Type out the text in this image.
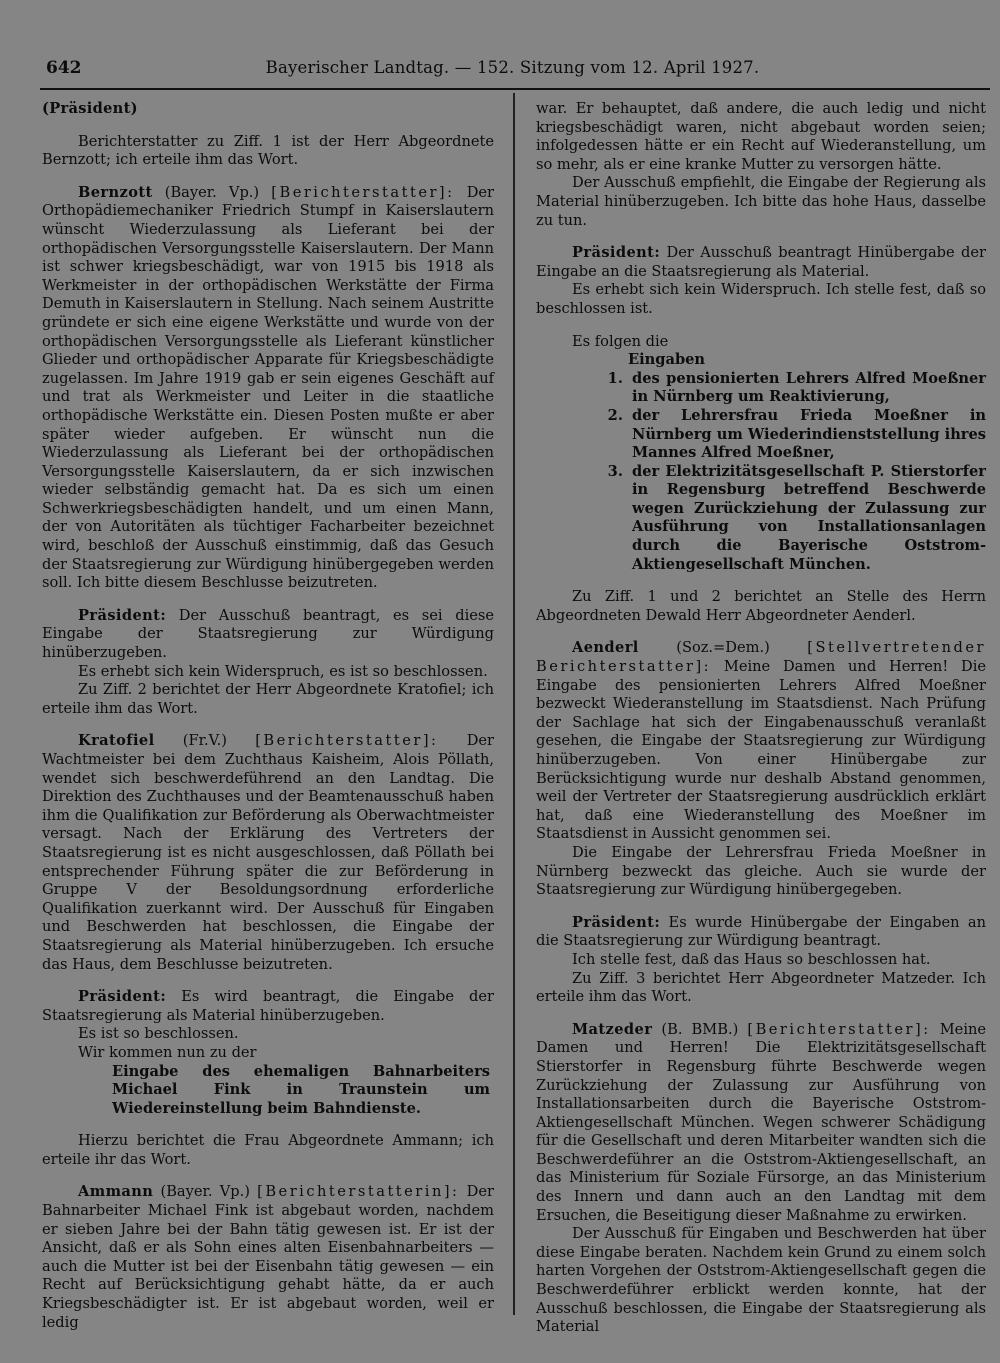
642	Bayerischer Landtag. — 152. Sitzung vom 12. April 1927.

(Präsident)

Berichterstatter zu Ziff. 1 ist der Herr Abgeordnete Bernzott; ich erteile ihm das Wort.

Bernzott (Bayer. Vp.) [Berichterstatter]: Der Orthopädiemechaniker Friedrich Stumpf in Kaiserslautern wünscht Wiederzulassung als Lieferant bei der orthopädischen Versorgungsstelle Kaiserslautern. Der Mann ist schwer kriegsbeschädigt, war von 1915 bis 1918 als Werkmeister in der orthopädischen Werkstätte der Firma Demuth in Kaiserslautern in Stellung. Nach seinem Austritte gründete er sich eine eigene Werkstätte und wurde von der orthopädischen Versorgungsstelle als Lieferant künstlicher Glieder und orthopädischer Apparate für Kriegsbeschädigte zugelassen. Im Jahre 1919 gab er sein eigenes Geschäft auf und trat als Werkmeister und Leiter in die staatliche orthopädische Werkstätte ein. Diesen Posten mußte er aber später wieder aufgeben. Er wünscht nun die Wiederzulassung als Lieferant bei der orthopädischen Versorgungsstelle Kaiserslautern, da er sich inzwischen wieder selbständig gemacht hat. Da es sich um einen Schwerkriegsbeschädigten handelt, und um einen Mann, der von Autoritäten als tüchtiger Facharbeiter bezeichnet wird, beschloß der Ausschuß einstimmig, daß das Gesuch der Staatsregierung zur Würdigung hinübergegeben werden soll. Ich bitte diesem Beschlusse beizutreten.

Präsident: Der Ausschuß beantragt, es sei diese Eingabe der Staatsregierung zur Würdigung hinüberzugeben.

Es erhebt sich kein Widerspruch, es ist so beschlossen.

Zu Ziff. 2 berichtet der Herr Abgeordnete Kratofiel; ich erteile ihm das Wort.

Kratofiel (Fr.V.) [Berichterstatter]: Der Wachtmeister bei dem Zuchthaus Kaisheim, Alois Pöllath, wendet sich beschwerdeführend an den Landtag. Die Direktion des Zuchthauses und der Beamtenausschuß haben ihm die Qualifikation zur Beförderung als Oberwachtmeister versagt. Nach der Erklärung des Vertreters der Staatsregierung ist es nicht ausgeschlossen, daß Pöllath bei entsprechender Führung später die zur Beförderung in Gruppe V der Besoldungsordnung erforderliche Qualifikation zuerkannt wird. Der Ausschuß für Eingaben und Beschwerden hat beschlossen, die Eingabe der Staatsregierung als Material hinüberzugeben. Ich ersuche das Haus, dem Beschlusse beizutreten.

Präsident: Es wird beantragt, die Eingabe der Staatsregierung als Material hinüberzugeben.

Es ist so beschlossen.

Wir kommen nun zu der

Eingabe des ehemaligen Bahnarbeiters Michael Fink in Traunstein um Wiedereinstellung beim Bahndienste.

Hierzu berichtet die Frau Abgeordnete Ammann; ich erteile ihr das Wort.

Ammann (Bayer. Vp.) [Berichterstatterin]: Der Bahnarbeiter Michael Fink ist abgebaut worden, nachdem er sieben Jahre bei der Bahn tätig gewesen ist. Er ist der Ansicht, daß er als Sohn eines alten Eisenbahnarbeiters — auch die Mutter ist bei der Eisenbahn tätig gewesen — ein Recht auf Berücksichtigung gehabt hätte, da er auch Kriegsbeschädigter ist. Er ist abgebaut worden, weil er ledig

war. Er behauptet, daß andere, die auch ledig und nicht kriegsbeschädigt waren, nicht abgebaut worden seien; infolgedessen hätte er ein Recht auf Wiederanstellung, um so mehr, als er eine kranke Mutter zu versorgen hätte.

Der Ausschuß empfiehlt, die Eingabe der Regierung als Material hinüberzugeben. Ich bitte das hohe Haus, dasselbe zu tun.

Präsident: Der Ausschuß beantragt Hinübergabe der Eingabe an die Staatsregierung als Material.

Es erhebt sich kein Widerspruch. Ich stelle fest, daß so beschlossen ist.

Es folgen die

Eingaben

1. des pensionierten Lehrers Alfred Moeßner in Nürnberg um Reaktivierung,
2. der Lehrersfrau Frieda Moeßner in Nürnberg um Wiederindienststellung ihres Mannes Alfred Moeßner,
3. der Elektrizitätsgesellschaft P. Stierstorfer in Regensburg betreffend Beschwerde wegen Zurückziehung der Zulassung zur Ausführung von Installationsanlagen durch die Bayerische Oststrom-Aktiengesellschaft München.

Zu Ziff. 1 und 2 berichtet an Stelle des Herrn Abgeordneten Dewald Herr Abgeordneter Aenderl.

Aenderl	(Soz.=Dem.)	[Stellvertretender Berichterstatter]: Meine Damen und Herren! Die Eingabe des pensionierten Lehrers Alfred Moeßner bezweckt Wiederanstellung im Staatsdienst. Nach Prüfung der Sachlage hat sich der Eingabenausschuß veranlaßt gesehen, die Eingabe der Staatsregierung zur Würdigung hinüberzugeben. Von einer Hinübergabe zur Berücksichtigung wurde nur deshalb Abstand genommen, weil der Vertreter der Staatsregierung ausdrücklich erklärt hat, daß eine Wiederanstellung des Moeßner im Staatsdienst in Aussicht genommen sei.

Die Eingabe der Lehrersfrau Frieda Moeßner in Nürnberg bezweckt das gleiche. Auch sie wurde der Staatsregierung zur Würdigung hinübergegeben.

Präsident: Es wurde Hinübergabe der Eingaben an die Staatsregierung zur Würdigung beantragt.

Ich stelle fest, daß das Haus so beschlossen hat.

Zu Ziff. 3 berichtet Herr Abgeordneter Matzeder. Ich erteile ihm das Wort.

Matzeder (B. BMB.) [Berichterstatter]: Meine Damen und Herren! Die Elektrizitätsgesellschaft Stierstorfer in Regensburg führte Beschwerde wegen Zurückziehung der Zulassung zur Ausführung von Installationsarbeiten durch die Bayerische Oststrom-Aktiengesellschaft München. Wegen schwerer Schädigung für die Gesellschaft und deren Mitarbeiter wandten sich die Beschwerdeführer an die Oststrom-Aktiengesellschaft, an das Ministerium für Soziale Fürsorge, an das Ministerium des Innern und dann auch an den Landtag mit dem Ersuchen, die Beseitigung dieser Maßnahme zu erwirken.

Der Ausschuß für Eingaben und Beschwerden hat über diese Eingabe beraten. Nachdem kein Grund zu einem solch harten Vorgehen der Oststrom-Aktiengesellschaft gegen die Beschwerdeführer erblickt werden konnte, hat der Ausschuß beschlossen, die Eingabe der Staatsregierung als Material
